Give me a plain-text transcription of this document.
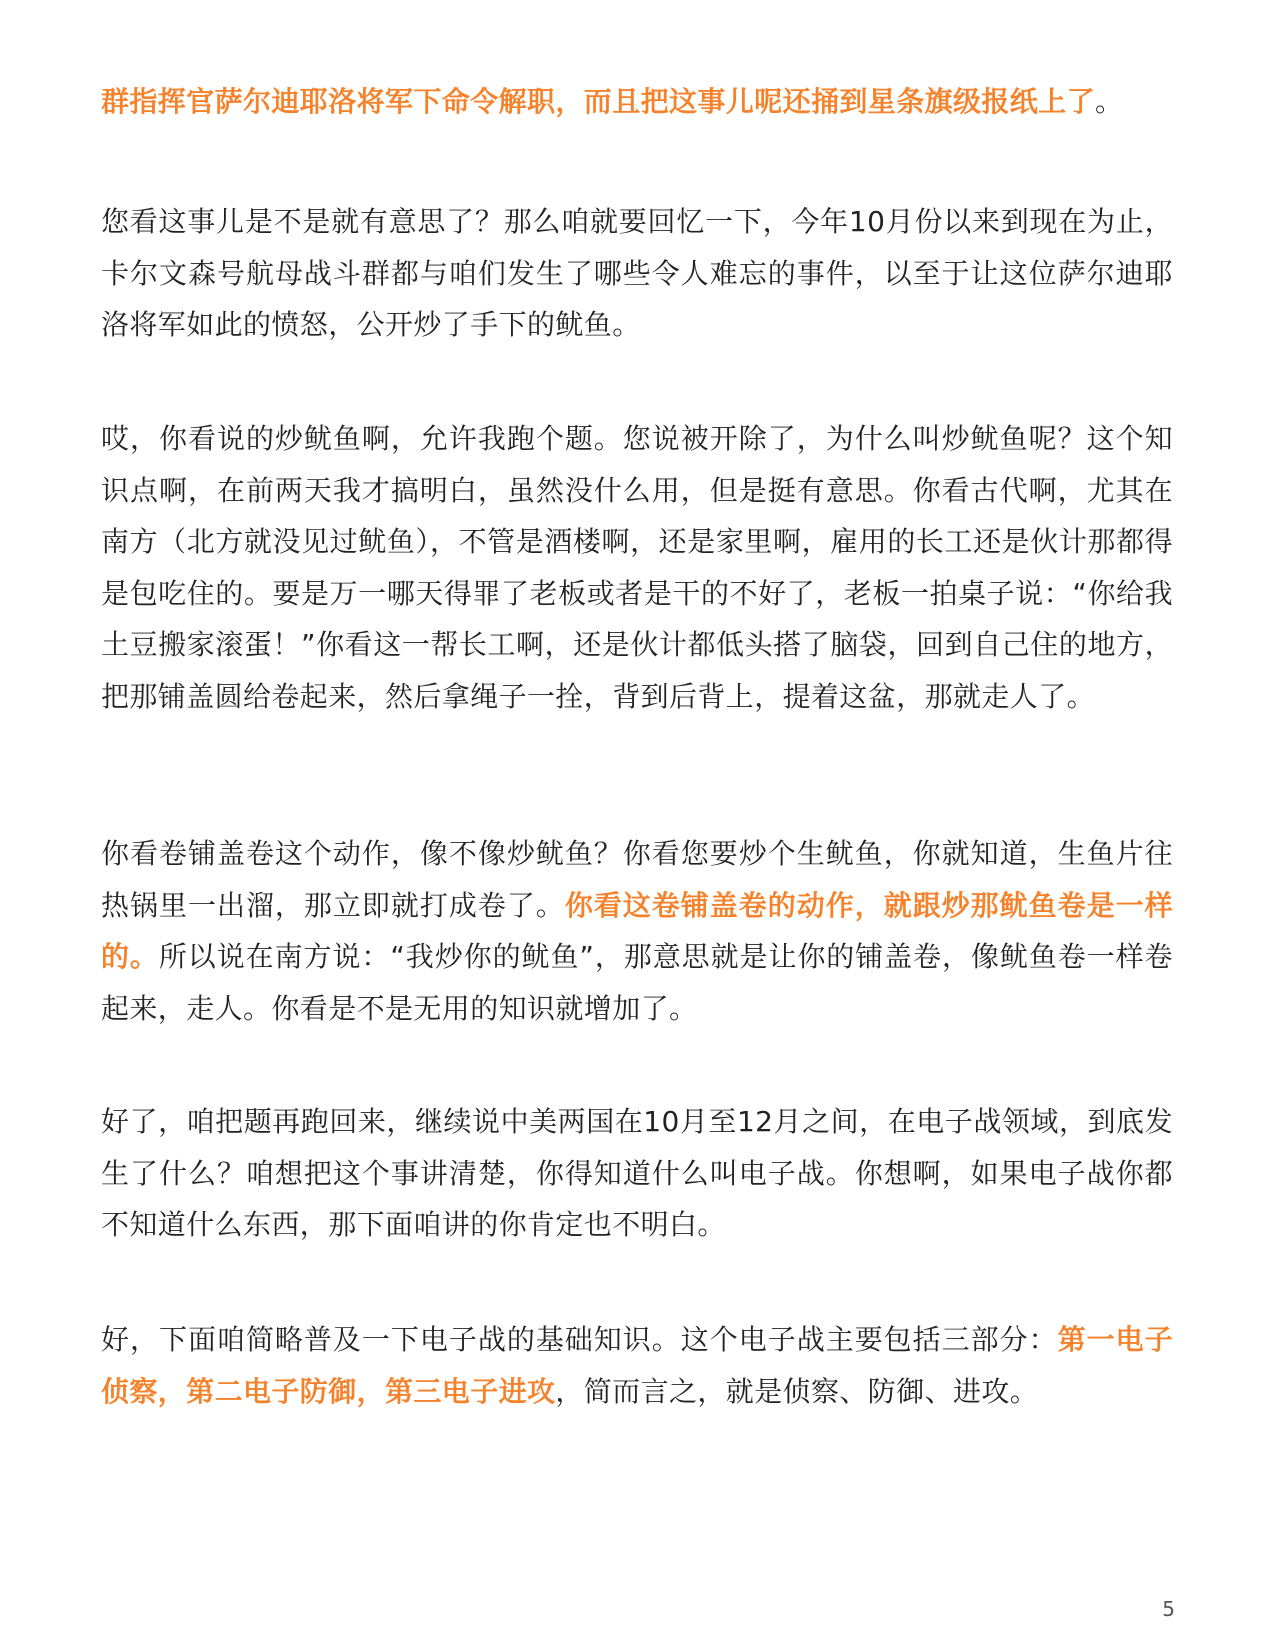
群指挥官萨尔迪耶洛将军下命令解职，而且把这事儿呢还捅到星条旗级报纸上了。

您看这事儿是不是就有意思了？那么咱就要回忆一下，今年10月份以来到现在为止，卡尔文森号航母战斗群都与咱们发生了哪些令人难忘的事件，以至于让这位萨尔迪耶洛将军如此的愤怒，公开炒了手下的鱿鱼。

哎，你看说的炒鱿鱼啊，允许我跑个题。您说被开除了，为什么叫炒鱿鱼呢？这个知识点啊，在前两天我才搞明白，虽然没什么用，但是挺有意思。你看古代啊，尤其在南方（北方就没见过鱿鱼），不管是酒楼啊，还是家里啊，雇用的长工还是伙计那都得是包吃住的。要是万一哪天得罪了老板或者是干的不好了，老板一拍桌子说：“你给我土豆搬家滚蛋！”你看这一帮长工啊，还是伙计都低头搭了脑袋，回到自己住的地方，把那铺盖圆给卷起来，然后拿绳子一拴，背到后背上，提着这盆，那就走人了。

你看卷铺盖卷这个动作，像不像炒鱿鱼？你看您要炒个生鱿鱼，你就知道，生鱼片往热锅里一出溜，那立即就打成卷了。你看这卷铺盖卷的动作，就跟炒那鱿鱼卷是一样的。所以说在南方说：“我炒你的鱿鱼”，那意思就是让你的铺盖卷，像鱿鱼卷一样卷起来，走人。你看是不是无用的知识就增加了。

好了，咱把题再跑回来，继续说中美两国在10月至12月之间，在电子战领域，到底发生了什么？咱想把这个事讲清楚，你得知道什么叫电子战。你想啊，如果电子战你都不知道什么东西，那下面咱讲的你肯定也不明白。

好，下面咱简略普及一下电子战的基础知识。这个电子战主要包括三部分：第一电子侦察，第二电子防御，第三电子进攻，简而言之，就是侦察、防御、进攻。

5
